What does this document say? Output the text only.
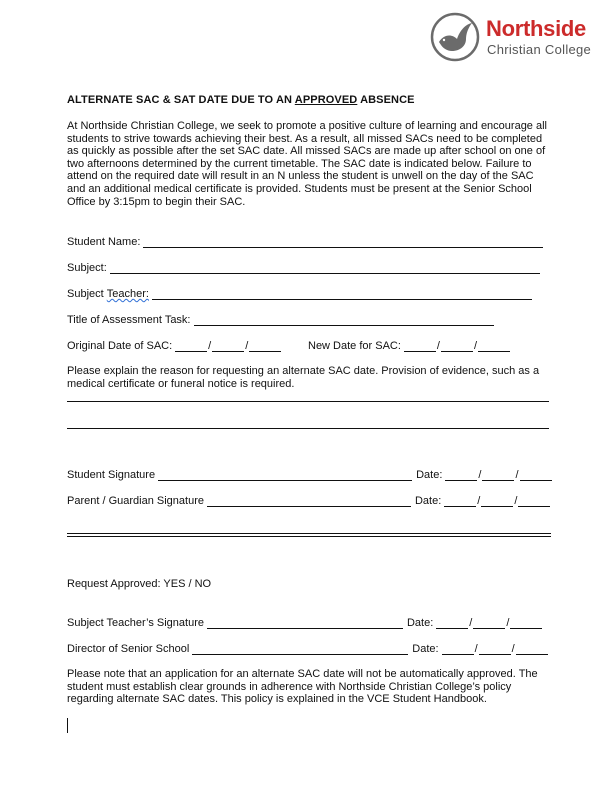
Northside
Christian College
ALTERNATE SAC & SAT DATE DUE TO AN APPROVED ABSENCE
At Northside Christian College, we seek to promote a positive culture of learning and encourage all students to strive towards achieving their best. As a result, all missed SACs need to be completed as quickly as possible after the set SAC date. All missed SACs are made up after school on one of two afternoons determined by the current timetable. The SAC date is indicated below. Failure to attend on the required date will result in an N unless the student is unwell on the day of the SAC and an additional medical certificate is provided. Students must be present at the Senior School Office by 3:15pm to begin their SAC.
Student Name:
Subject:
Subject
Teacher:
Title of Assessment Task:
Original Date of SAC:	/	/	New Date for SAC:	/	/
Please explain the reason for requesting an alternate SAC date. Provision of evidence, such as a medical certificate or funeral notice is required.
Student Signature	Date:	/	/
Parent / Guardian Signature	Date:	/	/
Request Approved: YES / NO
Subject Teacher’s Signature	Date:	/	/
Director of Senior School	Date:	/	/
Please note that an application for an alternate SAC date will not be automatically approved. The student must establish clear grounds in adherence with Northside Christian College’s policy regarding alternate SAC dates. This policy is explained in the VCE Student Handbook.
